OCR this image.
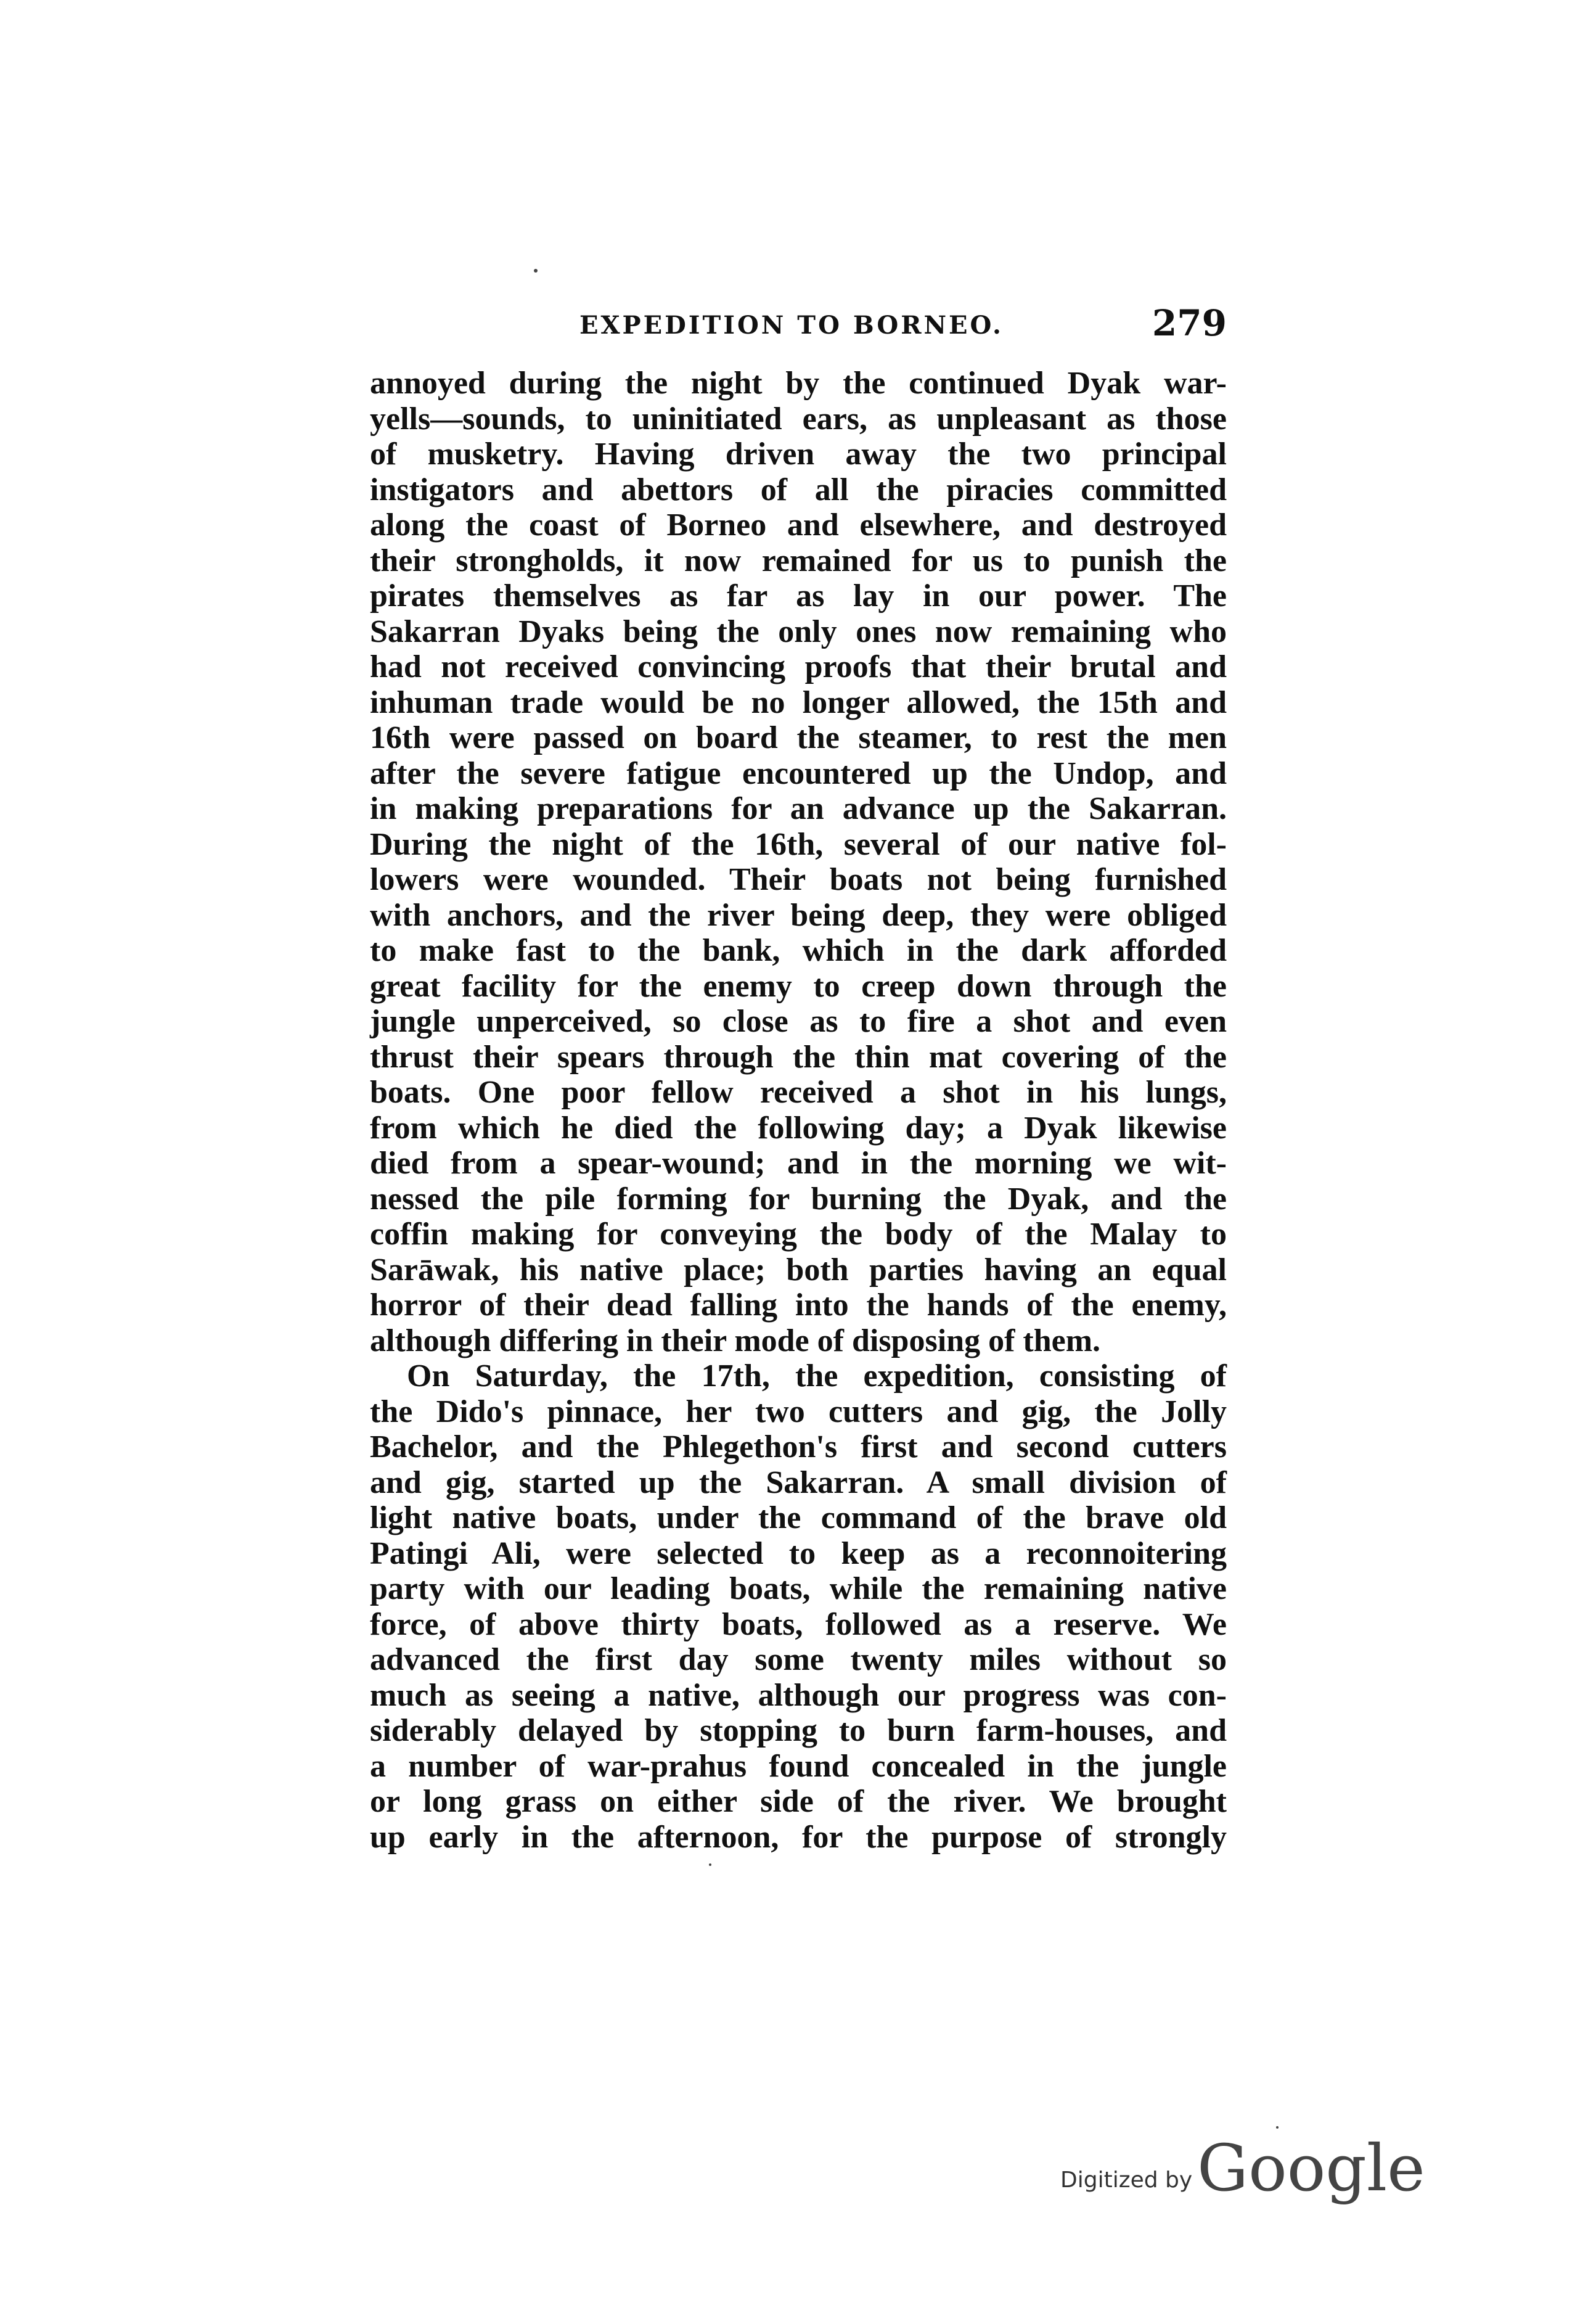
EXPEDITION TO BORNEO.	279
annoyed during the night by the continued Dyak war-
yells—sounds, to uninitiated ears, as unpleasant as those
of musketry. Having driven away the two principal
instigators and abettors of all the piracies committed
along the coast of Borneo and elsewhere, and destroyed
their strongholds, it now remained for us to punish the
pirates themselves as far as lay in our power. The
Sakarran Dyaks being the only ones now remaining who
had not received convincing proofs that their brutal and
inhuman trade would be no longer allowed, the 15th and
16th were passed on board the steamer, to rest the men
after the severe fatigue encountered up the Undop, and
in making preparations for an advance up the Sakarran.
During the night of the 16th, several of our native fol-
lowers were wounded. Their boats not being furnished
with anchors, and the river being deep, they were obliged
to make fast to the bank, which in the dark afforded
great facility for the enemy to creep down through the
jungle unperceived, so close as to fire a shot and even
thrust their spears through the thin mat covering of the
boats. One poor fellow received a shot in his lungs,
from which he died the following day; a Dyak likewise
died from a spear-wound; and in the morning we wit-
nessed the pile forming for burning the Dyak, and the
coffin making for conveying the body of the Malay to
Sarāwak, his native place; both parties having an equal
horror of their dead falling into the hands of the enemy,
although differing in their mode of disposing of them.
On Saturday, the 17th, the expedition, consisting of
the Dido's pinnace, her two cutters and gig, the Jolly
Bachelor, and the Phlegethon's first and second cutters
and gig, started up the Sakarran. A small division of
light native boats, under the command of the brave old
Patingi Ali, were selected to keep as a reconnoitering
party with our leading boats, while the remaining native
force, of above thirty boats, followed as a reserve. We
advanced the first day some twenty miles without so
much as seeing a native, although our progress was con-
siderably delayed by stopping to burn farm-houses, and
a number of war-prahus found concealed in the jungle
or long grass on either side of the river. We brought
up early in the afternoon, for the purpose of strongly
Digitized by Google
